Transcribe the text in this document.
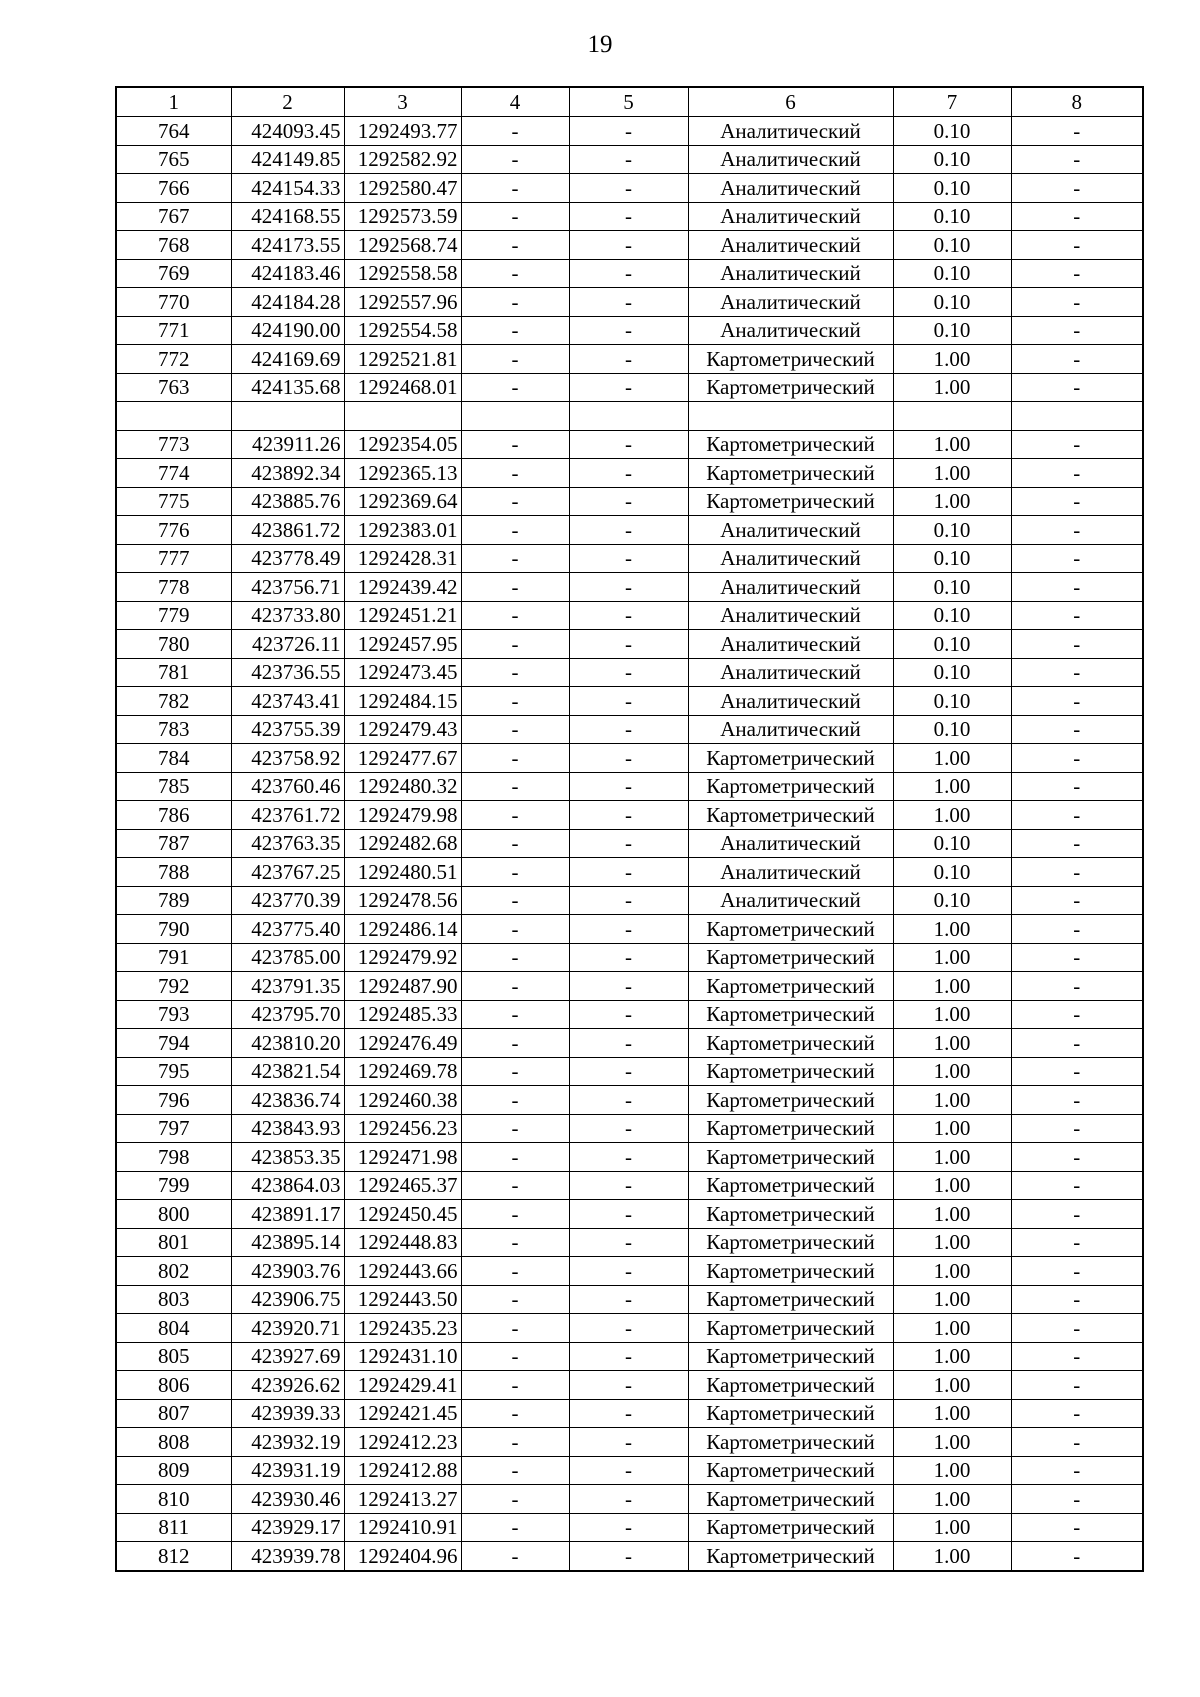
19
1	2	3	4	5	6	7	8
764	424093.45	1292493.77	-	-	Аналитический	0.10	-
765	424149.85	1292582.92	-	-	Аналитический	0.10	-
766	424154.33	1292580.47	-	-	Аналитический	0.10	-
767	424168.55	1292573.59	-	-	Аналитический	0.10	-
768	424173.55	1292568.74	-	-	Аналитический	0.10	-
769	424183.46	1292558.58	-	-	Аналитический	0.10	-
770	424184.28	1292557.96	-	-	Аналитический	0.10	-
771	424190.00	1292554.58	-	-	Аналитический	0.10	-
772	424169.69	1292521.81	-	-	Картометрический	1.00	-
763	424135.68	1292468.01	-	-	Картометрический	1.00	-

773	423911.26	1292354.05	-	-	Картометрический	1.00	-
774	423892.34	1292365.13	-	-	Картометрический	1.00	-
775	423885.76	1292369.64	-	-	Картометрический	1.00	-
776	423861.72	1292383.01	-	-	Аналитический	0.10	-
777	423778.49	1292428.31	-	-	Аналитический	0.10	-
778	423756.71	1292439.42	-	-	Аналитический	0.10	-
779	423733.80	1292451.21	-	-	Аналитический	0.10	-
780	423726.11	1292457.95	-	-	Аналитический	0.10	-
781	423736.55	1292473.45	-	-	Аналитический	0.10	-
782	423743.41	1292484.15	-	-	Аналитический	0.10	-
783	423755.39	1292479.43	-	-	Аналитический	0.10	-
784	423758.92	1292477.67	-	-	Картометрический	1.00	-
785	423760.46	1292480.32	-	-	Картометрический	1.00	-
786	423761.72	1292479.98	-	-	Картометрический	1.00	-
787	423763.35	1292482.68	-	-	Аналитический	0.10	-
788	423767.25	1292480.51	-	-	Аналитический	0.10	-
789	423770.39	1292478.56	-	-	Аналитический	0.10	-
790	423775.40	1292486.14	-	-	Картометрический	1.00	-
791	423785.00	1292479.92	-	-	Картометрический	1.00	-
792	423791.35	1292487.90	-	-	Картометрический	1.00	-
793	423795.70	1292485.33	-	-	Картометрический	1.00	-
794	423810.20	1292476.49	-	-	Картометрический	1.00	-
795	423821.54	1292469.78	-	-	Картометрический	1.00	-
796	423836.74	1292460.38	-	-	Картометрический	1.00	-
797	423843.93	1292456.23	-	-	Картометрический	1.00	-
798	423853.35	1292471.98	-	-	Картометрический	1.00	-
799	423864.03	1292465.37	-	-	Картометрический	1.00	-
800	423891.17	1292450.45	-	-	Картометрический	1.00	-
801	423895.14	1292448.83	-	-	Картометрический	1.00	-
802	423903.76	1292443.66	-	-	Картометрический	1.00	-
803	423906.75	1292443.50	-	-	Картометрический	1.00	-
804	423920.71	1292435.23	-	-	Картометрический	1.00	-
805	423927.69	1292431.10	-	-	Картометрический	1.00	-
806	423926.62	1292429.41	-	-	Картометрический	1.00	-
807	423939.33	1292421.45	-	-	Картометрический	1.00	-
808	423932.19	1292412.23	-	-	Картометрический	1.00	-
809	423931.19	1292412.88	-	-	Картометрический	1.00	-
810	423930.46	1292413.27	-	-	Картометрический	1.00	-
811	423929.17	1292410.91	-	-	Картометрический	1.00	-
812	423939.78	1292404.96	-	-	Картометрический	1.00	-
